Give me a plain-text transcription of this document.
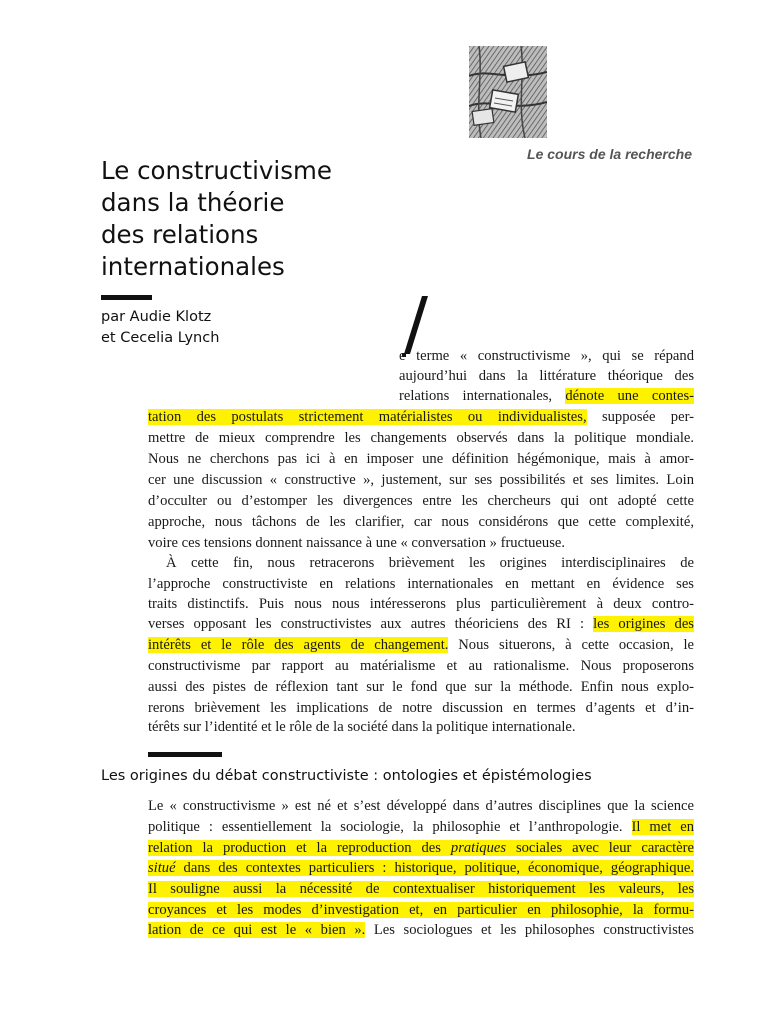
Le cours de la recherche
Le constructivisme
dans la théorie
des relations
internationales
par Audie Klotz
et Cecelia Lynch
e terme « constructivisme », qui se répand
aujourd’hui dans la littérature théorique des
relations internationales, dénote une contes-
tation des postulats strictement matérialistes ou individualistes, supposée per-
mettre de mieux comprendre les changements observés dans la politique mondiale.
Nous ne cherchons pas ici à en imposer une définition hégémonique, mais à amor-
cer une discussion « constructive », justement, sur ses possibilités et ses limites. Loin
d’occulter ou d’estomper les divergences entre les chercheurs qui ont adopté cette
approche, nous tâchons de les clarifier, car nous considérons que cette complexité,
voire ces tensions donnent naissance à une « conversation » fructueuse.
À cette fin, nous retracerons brièvement les origines interdisciplinaires de
l’approche constructiviste en relations internationales en mettant en évidence ses
traits distinctifs. Puis nous nous intéresserons plus particulièrement à deux contro-
verses opposant les constructivistes aux autres théoriciens des RI : les origines des
intérêts et le rôle des agents de changement. Nous situerons, à cette occasion, le
constructivisme par rapport au matérialisme et au rationalisme. Nous proposerons
aussi des pistes de réflexion tant sur le fond que sur la méthode. Enfin nous explo-
rerons brièvement les implications de notre discussion en termes d’agents et d’in-
térêts sur l’identité et le rôle de la société dans la politique internationale.
Les origines du débat constructiviste : ontologies et épistémologies
Le « constructivisme » est né et s’est développé dans d’autres disciplines que la science
politique : essentiellement la sociologie, la philosophie et l’anthropologie. Il met en
relation la production et la reproduction des pratiques sociales avec leur caractère
situé dans des contextes particuliers : historique, politique, économique, géographique.
Il souligne aussi la nécessité de contextualiser historiquement les valeurs, les
croyances et les modes d’investigation et, en particulier en philosophie, la formu-
lation de ce qui est le « bien ». Les sociologues et les philosophes constructivistes
